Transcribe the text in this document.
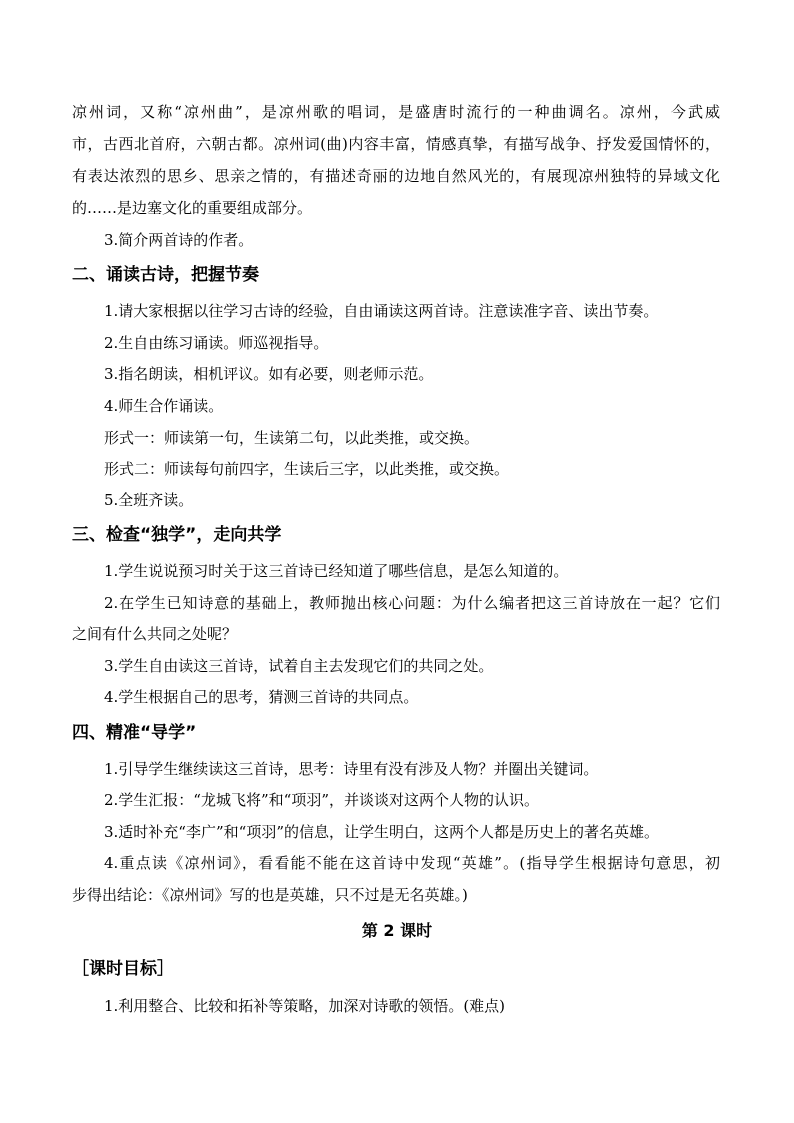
凉州词，又称“凉州曲”，是凉州歌的唱词，是盛唐时流行的一种曲调名。凉州，今武威
市，古西北首府，六朝古都。凉州词(曲)内容丰富，情感真挚，有描写战争、抒发爱国情怀的，
有表达浓烈的思乡、思亲之情的，有描述奇丽的边地自然风光的，有展现凉州独特的异域文化
的……是边塞文化的重要组成部分。
3.简介两首诗的作者。
二、诵读古诗，把握节奏
1.请大家根据以往学习古诗的经验，自由诵读这两首诗。注意读准字音、读出节奏。
2.生自由练习诵读。师巡视指导。
3.指名朗读，相机评议。如有必要，则老师示范。
4.师生合作诵读。
形式一：师读第一句，生读第二句，以此类推，或交换。
形式二：师读每句前四字，生读后三字，以此类推，或交换。
5.全班齐读。
三、检查“独学”，走向共学
1.学生说说预习时关于这三首诗已经知道了哪些信息，是怎么知道的。
2.在学生已知诗意的基础上，教师抛出核心问题：为什么编者把这三首诗放在一起？它们
之间有什么共同之处呢？
3.学生自由读这三首诗，试着自主去发现它们的共同之处。
4.学生根据自己的思考，猜测三首诗的共同点。
四、精准“导学”
1.引导学生继续读这三首诗，思考：诗里有没有涉及人物？并圈出关键词。
2.学生汇报：“龙城飞将”和“项羽”，并谈谈对这两个人物的认识。
3.适时补充“李广”和“项羽”的信息，让学生明白，这两个人都是历史上的著名英雄。
4.重点读《凉州词》，看看能不能在这首诗中发现“英雄”。(指导学生根据诗句意思，初
步得出结论：《凉州词》写的也是英雄，只不过是无名英雄。)
第 2 课时
［课时目标］
1.利用整合、比较和拓补等策略，加深对诗歌的领悟。(难点)
